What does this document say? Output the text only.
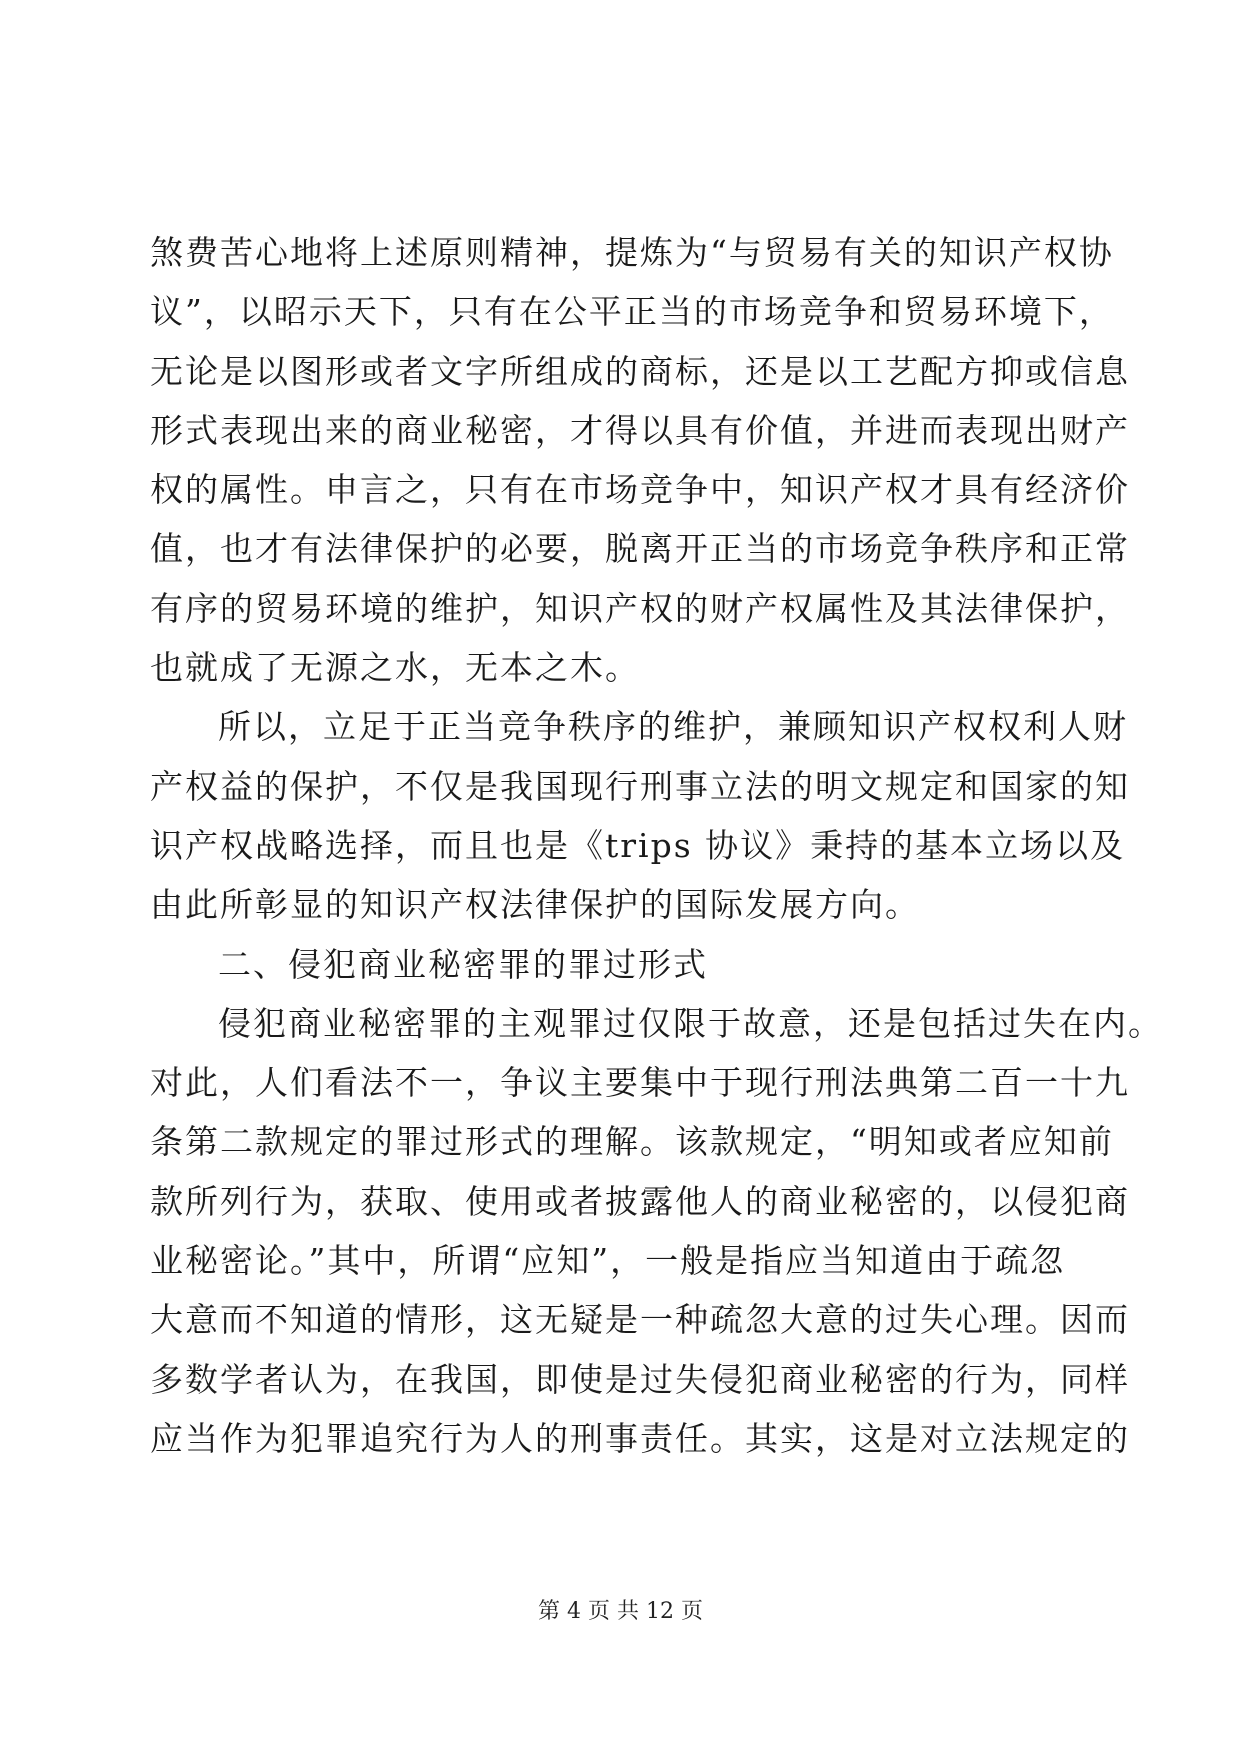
煞费苦心地将上述原则精神，提炼为“与贸易有关的知识产权协
议”，以昭示天下，只有在公平正当的市场竞争和贸易环境下，
无论是以图形或者文字所组成的商标，还是以工艺配方抑或信息
形式表现出来的商业秘密，才得以具有价值，并进而表现出财产
权的属性。申言之，只有在市场竞争中，知识产权才具有经济价
值，也才有法律保护的必要，脱离开正当的市场竞争秩序和正常
有序的贸易环境的维护，知识产权的财产权属性及其法律保护，
也就成了无源之水，无本之木。
所以，立足于正当竞争秩序的维护，兼顾知识产权权利人财
产权益的保护，不仅是我国现行刑事立法的明文规定和国家的知
识产权战略选择，而且也是《trips 协议》秉持的基本立场以及
由此所彰显的知识产权法律保护的国际发展方向。
二、侵犯商业秘密罪的罪过形式
侵犯商业秘密罪的主观罪过仅限于故意，还是包括过失在内。
对此，人们看法不一，争议主要集中于现行刑法典第二百一十九
条第二款规定的罪过形式的理解。该款规定，“明知或者应知前
款所列行为，获取、使用或者披露他人的商业秘密的，以侵犯商
业秘密论。”其中，所谓“应知”，一般是指应当知道由于疏忽
大意而不知道的情形，这无疑是一种疏忽大意的过失心理。因而
多数学者认为，在我国，即使是过失侵犯商业秘密的行为，同样
应当作为犯罪追究行为人的刑事责任。其实，这是对立法规定的
第 4 页 共 12 页
